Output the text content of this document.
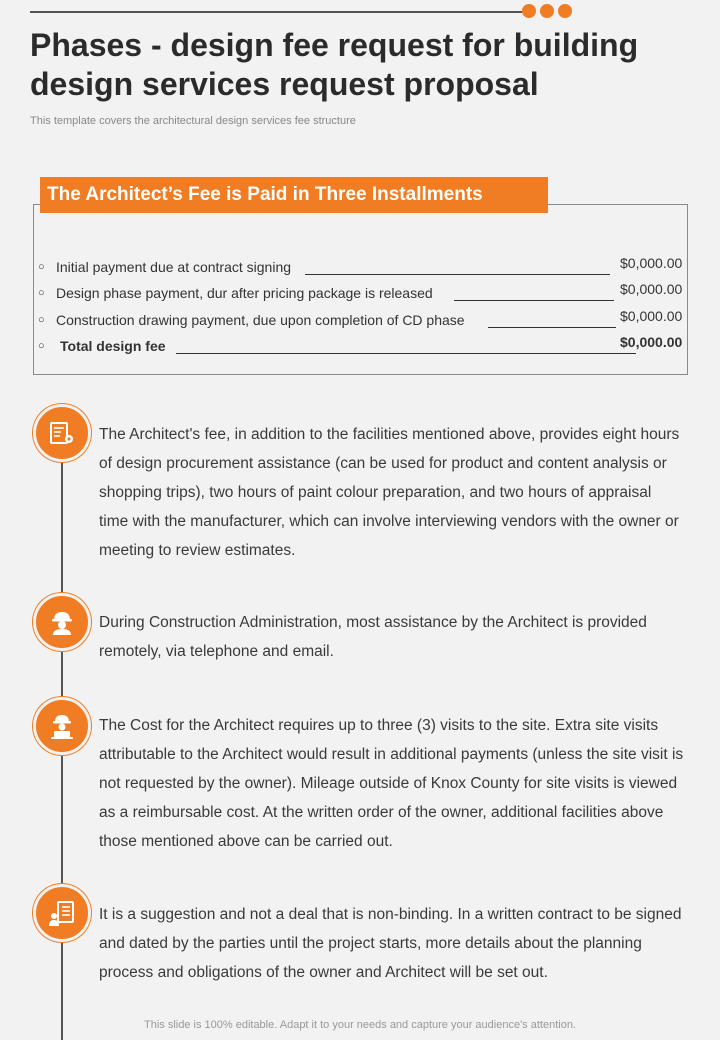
Phases - design fee request for building design services request proposal
This template covers the architectural design services fee structure
The Architect’s Fee is Paid in Three Installments
○ Initial payment due at contract signing	$0,000.00
○ Design phase payment, dur after pricing package is released	$0,000.00
○ Construction drawing payment, due upon completion of CD phase	$0,000.00
○ Total design fee	$0,000.00

The Architect's fee, in addition to the facilities mentioned above, provides eight hours of design procurement assistance (can be used for product and content analysis or shopping trips), two hours of paint colour preparation, and two hours of appraisal time with the manufacturer, which can involve interviewing vendors with the owner or meeting to review estimates.

During Construction Administration, most assistance by the Architect is provided remotely, via telephone and email.

The Cost for the Architect requires up to three (3) visits to the site. Extra site visits attributable to the Architect would result in additional payments (unless the site visit is not requested by the owner). Mileage outside of Knox County for site visits is viewed as a reimbursable cost. At the written order of the owner, additional facilities above those mentioned above can be carried out.

It is a suggestion and not a deal that is non-binding. In a written contract to be signed and dated by the parties until the project starts, more details about the planning process and obligations of the owner and Architect will be set out.

This slide is 100% editable. Adapt it to your needs and capture your audience's attention.
